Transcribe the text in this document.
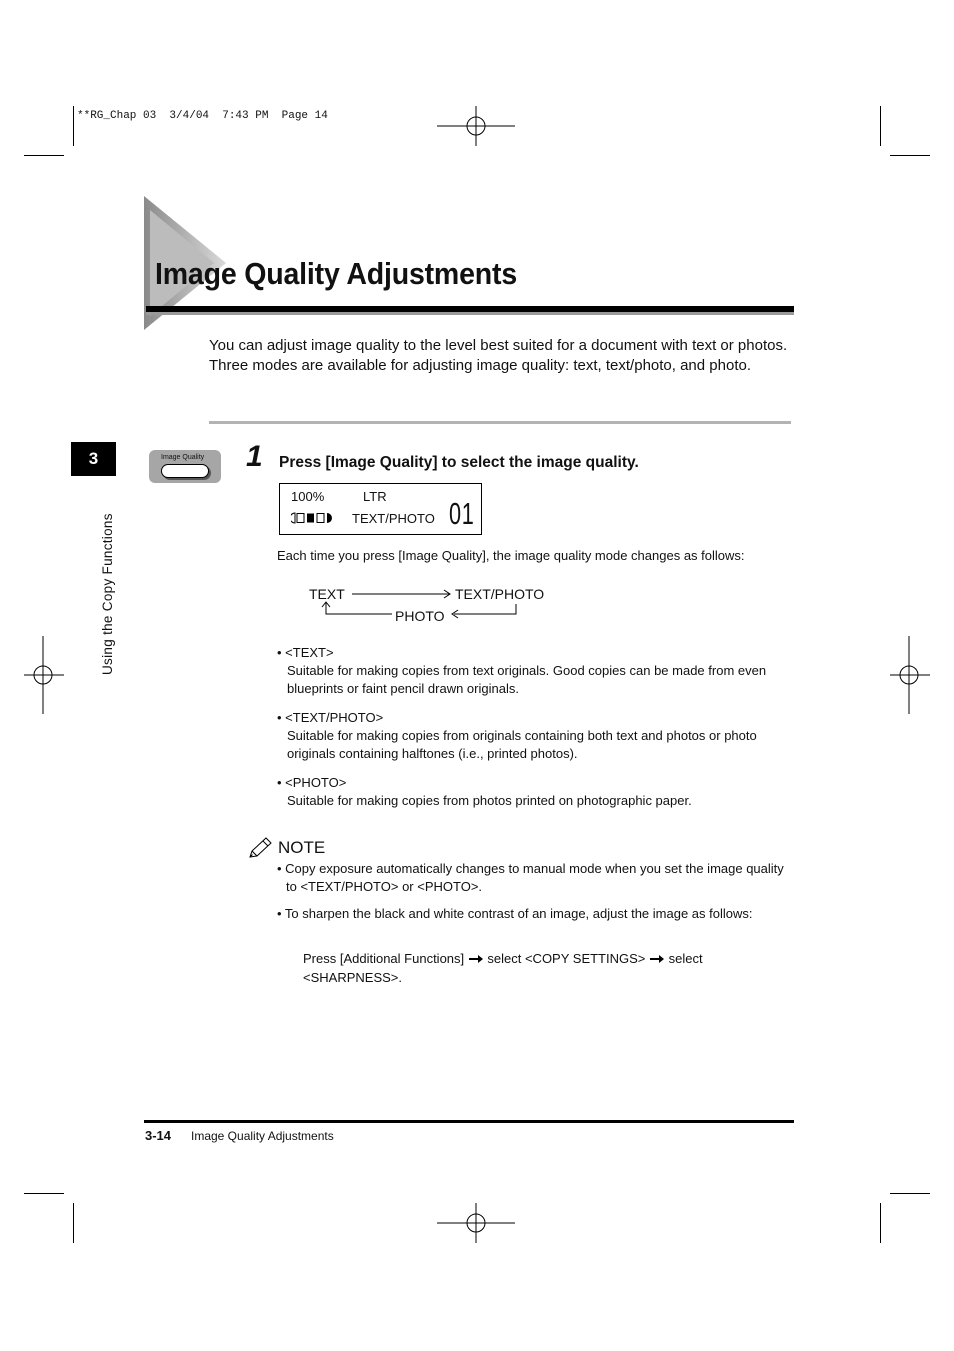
**RG_Chap 03  3/4/04  7:43 PM  Page 14
Image Quality Adjustments
You can adjust image quality to the level best suited for a document with text or photos. Three modes are available for adjusting image quality: text, text/photo, and photo.
3
Using the Copy Functions
Image Quality 1 Press [Image Quality] to select the image quality.
100%	LTR
TEXT/PHOTO 01
Each time you press [Image Quality], the image quality mode changes as follows:
TEXT	TEXT/PHOTO
PHOTO
• <TEXT>
Suitable for making copies from text originals. Good copies can be made from even blueprints or faint pencil drawn originals.
• <TEXT/PHOTO>
Suitable for making copies from originals containing both text and photos or photo originals containing halftones (i.e., printed photos).
• <PHOTO>
Suitable for making copies from photos printed on photographic paper.
NOTE
• Copy exposure automatically changes to manual mode when you set the image quality to <TEXT/PHOTO> or <PHOTO>.
• To sharpen the black and white contrast of an image, adjust the image as follows:
Press [Additional Functions] select <COPY SETTINGS> select
<SHARPNESS>.
3-14 Image Quality Adjustments
